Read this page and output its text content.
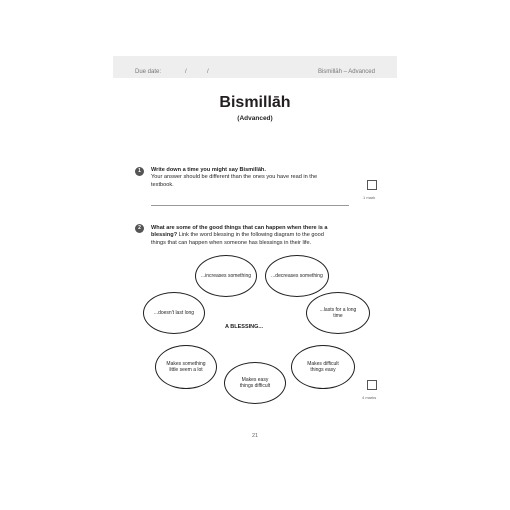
Due date:	/	/	Bismillāh – Advanced
Bismillāh
(Advanced)
1	Write down a time you might say Bismillāh.
Your answer should be different than the ones you have read in the
textbook.
1 mark
2	What are some of the good things that can happen when there is a
blessing? Link the word blessing in the following diagram to the good
things that can happen when someone has blessings in their life.
...increases something	...decreases something
...doesn't last long	...lasts for a long time
A BLESSING...
Makes something little seem a lot
Makes easy things difficult
Makes difficult things easy
4 marks
21
